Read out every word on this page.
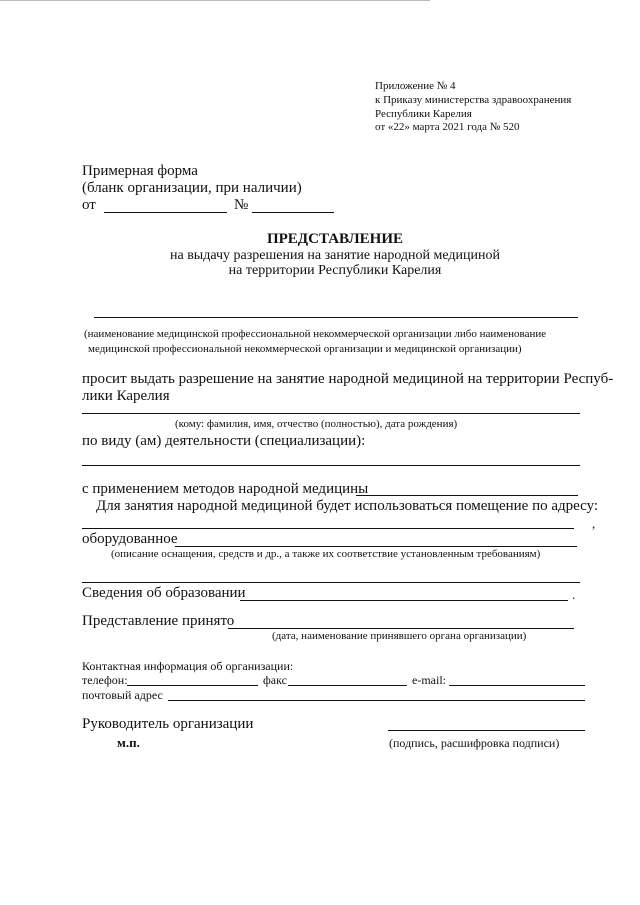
Приложение № 4
к Приказу министерства здравоохранения
Республики Карелия
от «22» марта 2021 года № 520
Примерная форма
(бланк организации, при наличии)
от	№
ПРЕДСТАВЛЕНИЕ
на выдачу разрешения на занятие народной медициной
на территории Республики Карелия
(наименование медицинской профессиональной некоммерческой организации либо наименование
медицинской профессиональной некоммерческой организации и медицинской организации)
просит выдать разрешение на занятие народной медициной на территории Респуб-
лики Карелия
(кому: фамилия, имя, отчество (полностью), дата рождения)
по виду (ам) деятельности (специализации):
с применением методов народной медицины
Для занятия народной медициной будет использоваться помещение по адресу:
,
оборудованное
(описание оснащения, средств и др., а также их соответствие установленным требованиям)
Сведения об образовании	.
Представление принято
(дата, наименование принявшего органа организации)
Контактная информация об организации:
телефон:	факс	e-mail:
почтовый адрес
Руководитель организации
м.п.	(подпись, расшифровка подписи)
